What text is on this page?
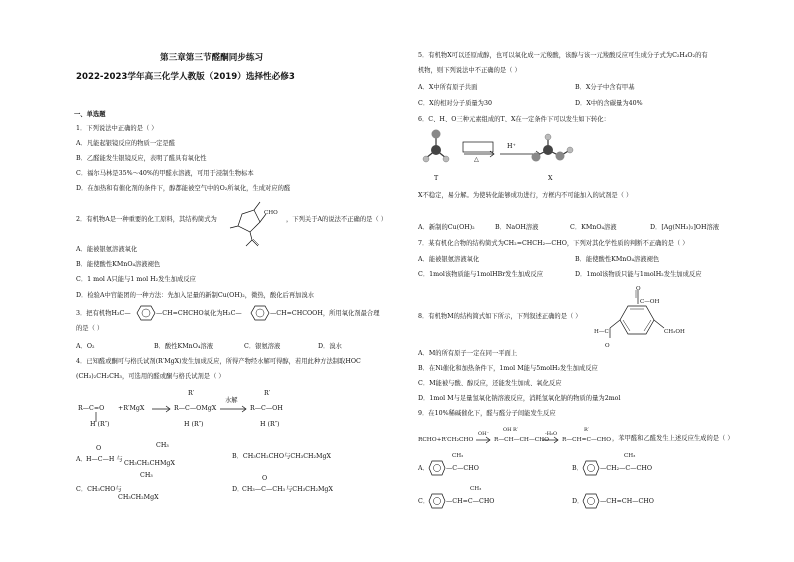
第三章第三节醛酮同步练习
2022-2023学年高三化学人教版（2019）选择性必修3
一、单选题
1．下列说法中正确的是（ ）
A．凡能起银镜反应的物质一定是醛
B．乙醛能发生银镜反应，表明了醛具有氧化性
C．福尔马林是35%～40%的甲醛水溶液，可用于浸制生物标本
D．在加热和有催化剂的条件下，醇都能被空气中的O₂所氧化，生成对应的醛
2．有机物A是一种重要的化工原料，其结构简式为
CHO
，下列关于A的说法不正确的是（ ）
A．能被银氨溶液氧化
B．能使酸性KMnO₄溶液褪色
C．1 mol A只能与1 mol H₂发生加成反应
D．检验A中官能团的一种方法：先加入足量的新制Cu(OH)₂，微热，酸化后再加溴水
3．把有机物H₃C—	—CH=CHCHO氧化为H₃C—	—CH=CHCOOH，所用氧化剂最合理
的是（ ）
A．O₂	B．酸性KMnO₄溶液	C．银氨溶液	D．溴水
4．已知醛或酮可与格氏试剂(R′MgX)发生加成反应，所得产物经水解可得醇，若用此种方法制取HOC
(CH₃)₂CH₂CH₃，可选用的醛或酮与格氏试剂是（ ）
R—C=O
H (R″)
+R′MgX
R′
R—C—OMgX
H (R″)
水解
R′
R—C—OH
H (R″)
A．
O
H—C—H 与
CH₃
CH₃CH₂CHMgX
B．CH₃CH₂CHO与CH₃CH₂MgX
C．CH₃CHO与
CH₃
CH₃CH₂MgX
D．
O
CH₃—C—CH₃ 与CH₃CH₂MgX
5．有机物X可以还原成醇，也可以氧化成一元羧酸，该醇与该一元羧酸反应可生成分子式为C₂H₄O₂的有
机物，则下列说法中不正确的是（ ）
A．X中所有原子共面	B．X分子中含有甲基
C．X的相对分子质量为30	D．X中的含碳量为40%
6．C、H、O三种元素组成的T、X在一定条件下可以发生如下转化：
T
△
H⁺
X
X不稳定，易分解。为使转化能够成功进行，方框内不可能加入的试剂是（ ）
A．新制的Cu(OH)₂	B．NaOH溶液	C．KMnO₄溶液	D．[Ag(NH₃)₂]OH溶液
7．某有机化合物的结构简式为CH₂=CHCH₂—CHO，下列对其化学性质的判断不正确的是（ ）
A．能被银氨溶液氧化	B．能使酸性KMnO₄溶液褪色
C．1mol该物质能与1molHBr发生加成反应	D．1mol该物质只能与1molH₂发生加成反应
O
C—OH
8．有机物M的结构简式如下所示，下列叙述正确的是（ ）
O
H—C	CH₂OH
A．M的所有原子一定在同一平面上
B．在Ni催化和加热条件下，1mol M能与5molH₂发生加成反应
C．M能被与酸、醇反应，还能发生加成、氧化反应
D．1mol M与足量氢氧化钠溶液反应，消耗氢氧化钠的物质的量为2mol
9．在10%稀碱催化下，醛与醛分子间能发生反应
RCHO+R′CH₂CHO
OH⁻
OH R′
R—CH—CH—CHO
-H₂O
R′
R—CH=C—CHO ，苯甲醛和乙醛发生上述反应生成的是（ ）
A．
CH₂
—C—CHO	B．
CH₃
—CH₂—C—CHO
C．
CH₃
—CH=C—CHO	D．	—CH=CH—CHO
